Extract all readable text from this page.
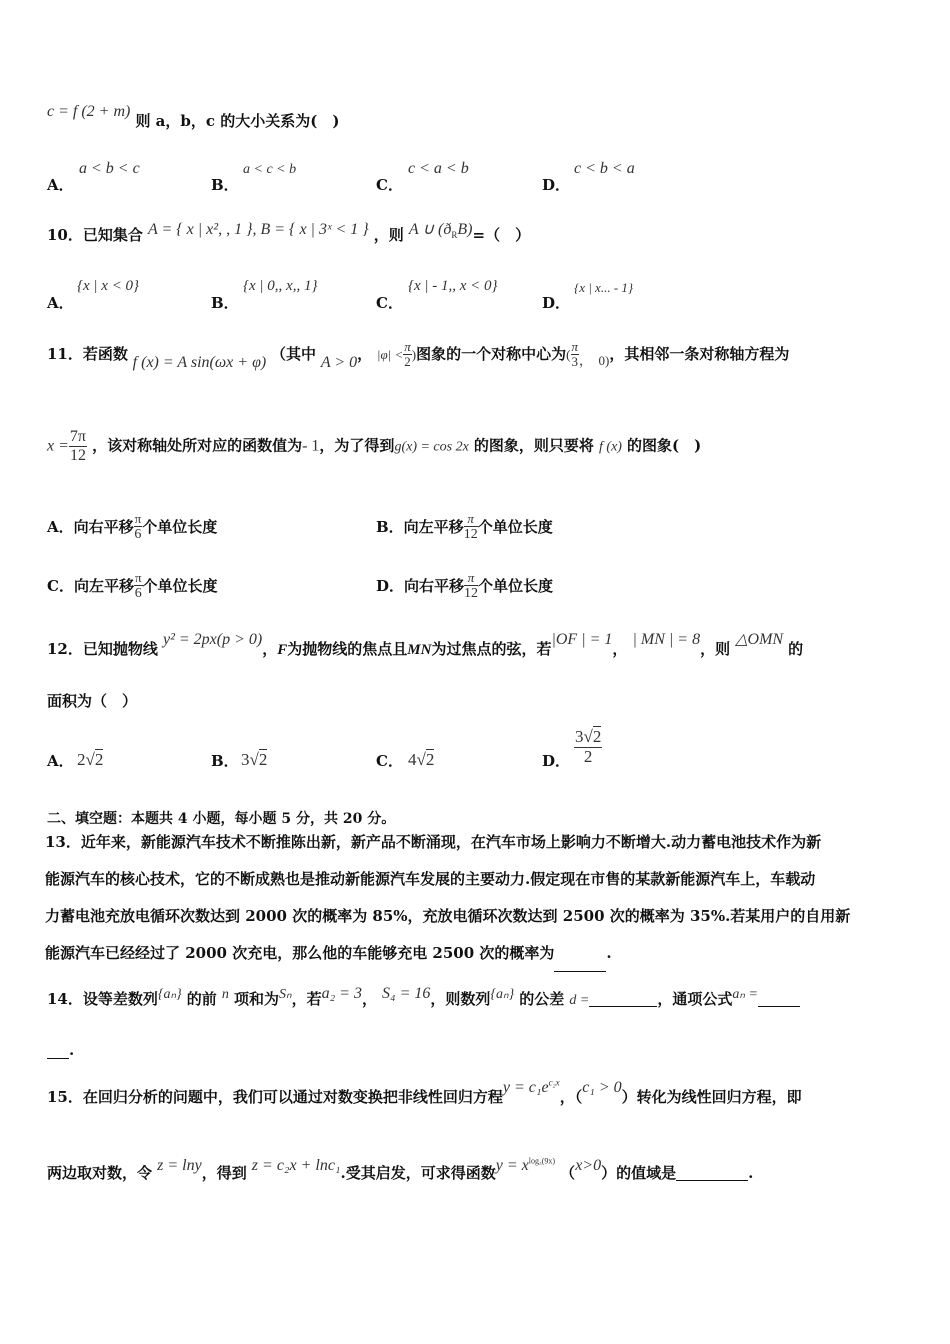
c = f (2 + m) 则 a，b，c 的大小关系为(　)
A．
a < b < c
B．
a < c < b
C．
c < a < b
D．
c < b < a
10．已知集合 A = { x | x², , 1 }, B = { x | 3ˣ < 1 } ，则 A ∪ $(ð_RB)=$（　）
A．
{x | x < 0}
B．
{x | 0,, x,, 1}
C．
{x | - 1,, x < 0}
D．
{x | x... - 1}
11．若函数 f (x) = A sin(ωx + φ) （其中 A > 0， $|\varphi| < \frac{\pi}{2}$ )图象的一个对称中心为( $\frac{\pi}{3}$ ，　0)，其相邻一条对称轴方程为
$x = \frac{7\pi}{12}$ ，该对称轴处所对应的函数值为- 1，为了得到g(x) = cos 2x 的图象，则只要将 f (x) 的图象(　)
A．向右平移 $\frac{\pi}{6}$ 个单位长度	B．向左平移 $\frac{\pi}{12}$ 个单位长度
C．向左平移 $\frac{\pi}{6}$ 个单位长度	D．向右平移 $\frac{\pi}{12}$ 个单位长度
12．已知抛物线 y² = 2px(p > 0)，F为抛物线的焦点且MN为过焦点的弦，若|OF | = 1， | MN | = 8，则 △OMN 的
面积为（　）
A． 2√2	B． 3√2	C． 4√2	D． $\frac{3√2}{2}$
二、填空题：本题共 4 小题，每小题 5 分，共 20 分。
13．近年来，新能源汽车技术不断推陈出新，新产品不断涌现，在汽车市场上影响力不断增大.动力蓄电池技术作为新
能源汽车的核心技术，它的不断成熟也是推动新能源汽车发展的主要动力.假定现在市售的某款新能源汽车上，车载动
力蓄电池充放电循环次数达到 2000 次的概率为 85%，充放电循环次数达到 2500 次的概率为 35%.若某用户的自用新
能源汽车已经经过了 2000 次充电，那么他的车能够充电 2500 次的概率为	.
14．设等差数列{aₙ} 的前 n 项和为Sₙ，若a₂ = 3， S₄ = 16，则数列{aₙ} 的公差 d =	，通项公式aₙ =
.
15．在回归分析的问题中，我们可以通过对数变换把非线性回归方程$y = c_1e^{c_2x}$，（c₁ > 0）转化为线性回归方程，即
两边取对数，令 z = lny，得到 z = c₂x + lnc₁.受其启发，可求得函数$y = x^{log_3(9x)}$ （x>0）的值域是	.
